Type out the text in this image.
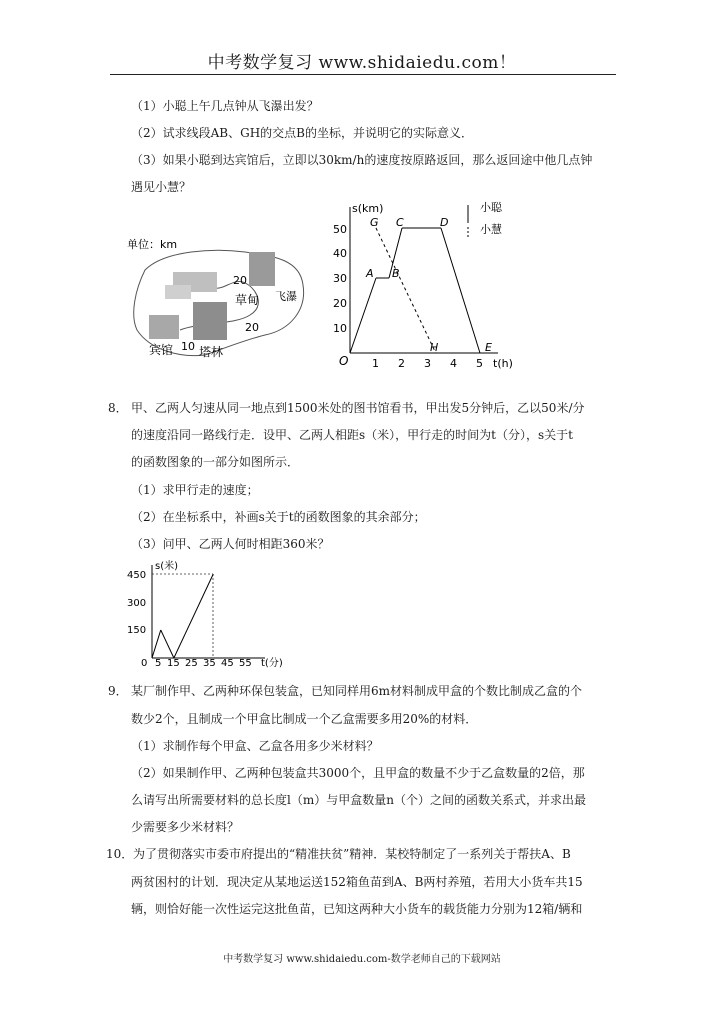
中考数学复习 www.shidaiedu.com！
（1）小聪上午几点钟从飞瀑出发？
（2）试求线段AB、GH的交点B的坐标，并说明它的实际意义．
（3）如果小聪到达宾馆后，立即以30km/h的速度按原路返回，那么返回途中他几点钟
遇见小慧？
单位：km
20
草甸 飞瀑
20
宾馆 10 塔林
s(km)
t(h)
O
50
40
30
20
10
1 2 3 4 5
G C	D
A B
H	E
小聪
小慧
8． 甲、乙两人匀速从同一地点到1500米处的图书馆看书，甲出发5分钟后，乙以50米/分
的速度沿同一路线行走．设甲、乙两人相距s（米），甲行走的时间为t（分），s关于t
的函数图象的一部分如图所示．
（1）求甲行走的速度；
（2）在坐标系中，补画s关于t的函数图象的其余部分；
（3）问甲、乙两人何时相距360米？
s(米)
t(分)
0
450
300
150
5 15 25 35 45 55
9． 某厂制作甲、乙两种环保包装盒，已知同样用6m材料制成甲盒的个数比制成乙盒的个
数少2个，且制成一个甲盒比制成一个乙盒需要多用20%的材料．
（1）求制作每个甲盒、乙盒各用多少米材料？
（2）如果制作甲、乙两种包装盒共3000个，且甲盒的数量不少于乙盒数量的2倍，那
么请写出所需要材料的总长度l（m）与甲盒数量n（个）之间的函数关系式，并求出最
少需要多少米材料？
10． 为了贯彻落实市委市府提出的“精准扶贫”精神．某校特制定了一系列关于帮扶A、B
两贫困村的计划．现决定从某地运送152箱鱼苗到A、B两村养殖，若用大小货车共15
辆，则恰好能一次性运完这批鱼苗，已知这两种大小货车的载货能力分别为12箱/辆和
中考数学复习 www.shidaiedu.com-数学老师自己的下载网站
